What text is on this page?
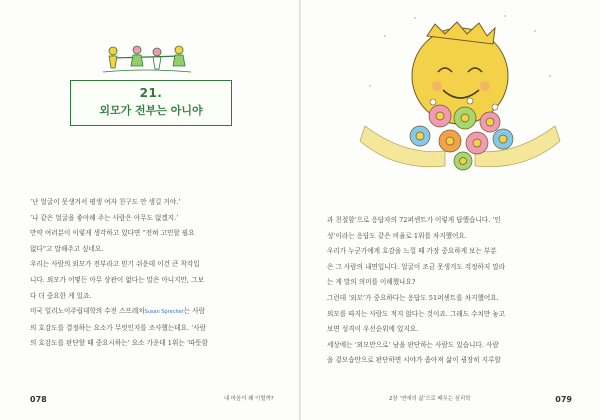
21.
외모가 전부는 아니야

‘난 얼굴이 못생겨서 평생 여자 친구도 안 생길 거야.’

‘나 같은 얼굴을 좋아해 주는 사람은 아무도 없겠지.’

만약 여러분이 이렇게 생각하고 있다면 “전혀 고민할 필요

없다”고 말해주고 싶네요.

우리는 사람의 외모가 전부라고 믿기 쉬운데 이건 큰 착각입

니다. 외모가 어떻든 아무 상관이 없다는 말은 아니지만, 그보

다 더 중요한 게 있죠.

미국 일리노이주립대학의 수전 스프레처Susan Sprecher는 사람

의 호감도를 결정하는 요소가 무엇인지를 조사했는데요. ‘사람

의 호감도를 판단할 때 중요시하는’ 요소 가운데 1위는 ‘따뜻함

078	내 마음이 왜 이럴까?

과 친절함’으로 응답자의 72퍼센트가 이렇게 답했습니다. ‘인

성’이라는 응답도 같은 비율로 1위를 차지했어요.

우리가 누군가에게 호감을 느낄 때 가장 중요하게 보는 부분

은 그 사람의 내면입니다. 얼굴이 조금 못생겨도 걱정하지 말라

는 게 말의 의미를 이해했나요?

그런데 ‘외모’가 중요하다는 응답도 51퍼센트를 차지했어요.

외모를 따지는 사람도 적지 않다는 것이죠. 그래도 수치만 놓고

보면 성격이 우선순위에 있지요.

세상에는 ‘외모만으로’ 남을 판단하는 사람도 있습니다. 사람

을 겉모습만으로 판단하면 시야가 좁아져 삶이 굉장히 지루할

2장 ‘연애의 삶’으로 배우는 심리학	079
